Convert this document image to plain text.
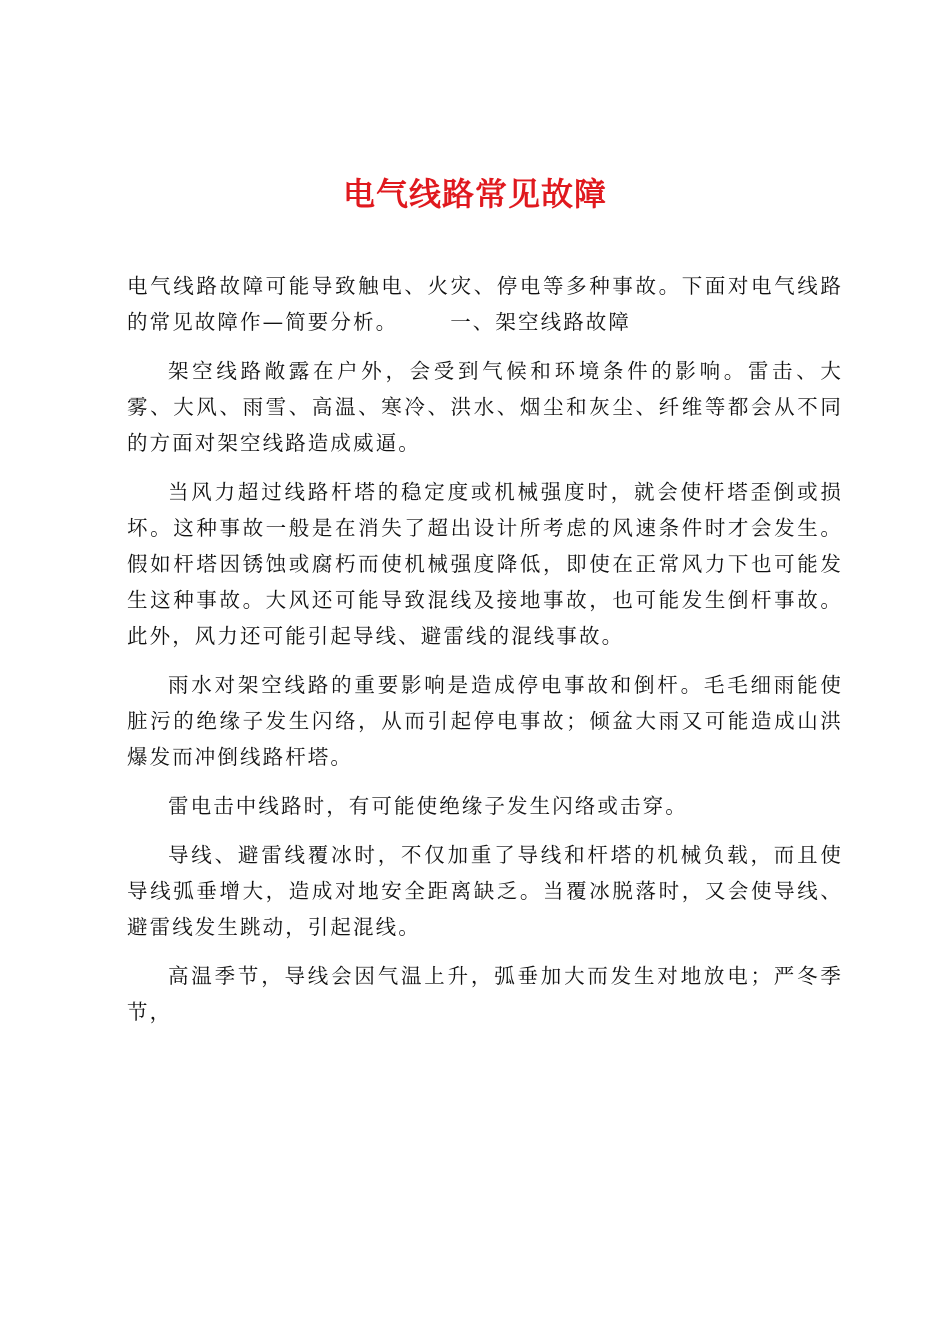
电气线路常见故障

电气线路故障可能导致触电、火灾、停电等多种事故。下面对电气线路的常见故障作—简要分析。	一、架空线路故障

架空线路敞露在户外，会受到气候和环境条件的影响。雷击、大雾、大风、雨雪、高温、寒冷、洪水、烟尘和灰尘、纤维等都会从不同的方面对架空线路造成威逼。

当风力超过线路杆塔的稳定度或机械强度时，就会使杆塔歪倒或损坏。这种事故一般是在消失了超出设计所考虑的风速条件时才会发生。假如杆塔因锈蚀或腐朽而使机械强度降低，即使在正常风力下也可能发生这种事故。大风还可能导致混线及接地事故，也可能发生倒杆事故。此外，风力还可能引起导线、避雷线的混线事故。

雨水对架空线路的重要影响是造成停电事故和倒杆。毛毛细雨能使脏污的绝缘子发生闪络，从而引起停电事故；倾盆大雨又可能造成山洪爆发而冲倒线路杆塔。

雷电击中线路时，有可能使绝缘子发生闪络或击穿。

导线、避雷线覆冰时，不仅加重了导线和杆塔的机械负载，而且使导线弧垂增大，造成对地安全距离缺乏。当覆冰脱落时，又会使导线、避雷线发生跳动，引起混线。

高温季节，导线会因气温上升，弧垂加大而发生对地放电；严冬季节，
